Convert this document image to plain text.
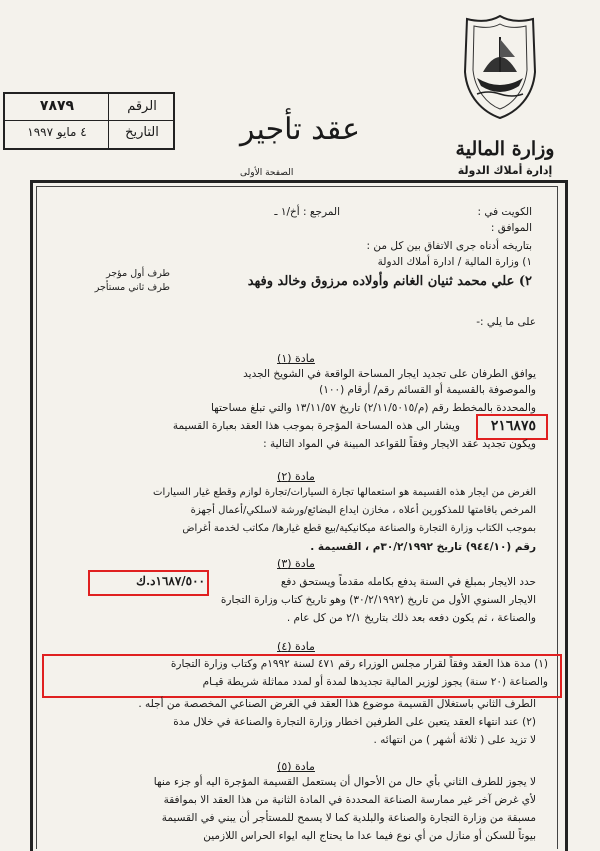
وزارة المالية
إدارة أملاك الدولة
عقد تأجير
الرقم
٧٨٧٩
التاريخ
٤ مايو ١٩٩٧
الصفحة الأولى
الكويت في :
المرجع : أخ/١ ـ
الموافق :
بتاريخه أدناه جرى الاتفاق بين كل من :
١) وزارة المالية / ادارة أملاك الدولة
طرف أول مؤجر
٢) علي محمد ثنيان الغانم وأولاده مرزوق وخالد وفهد
طرف ثاني مستأجر
على ما يلي :-
مادة (١)
يوافق الطرفان على تجديد ايجار المساحة الواقعة في الشويخ الجديد
والموصوفة بالقسيمة أو القسائم رقم/ أرقام (١٠٠)
والمحددة بالمخطط رقم (م/٢/١١/٥٠١٥) تاريخ ١٣/١١/٥٧ والتي تبلغ مساحتها
٢١٦٨٧٥
ويشار الى هذه المساحة المؤجرة بموجب هذا العقد بعبارة القسيمة
ويكون تجديد عقد الايجار وفقاً للقواعد المبينة في المواد التالية :
مادة (٢)
الغرض من ايجار هذه القسيمة هو استعمالها تجارة السيارات/تجارة لوازم وقطع غيار السيارات
المرخص باقامتها للمذكورين أعلاه ، مخازن ايداع البضائع/ورشة لاسلكي/أعمال أجهزة
بموجب الكتاب وزارة التجارة والصناعة ميكانيكية/بيع قطع غيارها/ مكاتب لخدمة أغراض
رقم (٩٤٤/١٠) تاريخ ٣٠/٢/١٩٩٢م ، القسيمة .
مادة (٣)
١٦٨٧/٥٠٠د.ك	حدد الايجار بمبلغ في السنة يدفع بكامله مقدماً ويستحق دفع
الايجار السنوي الأول من تاريخ (٣٠/٢/١٩٩٢) وهو تاريخ كتاب وزارة التجارة
والصناعة ، ثم يكون دفعه بعد ذلك بتاريخ ٢/١ من كل عام .
مادة (٤)
(١) مدة هذا العقد وفقاً لقرار مجلس الوزراء رقم ٤٧١ لسنة ١٩٩٢م وكتاب وزارة التجارة
والصناعة (٢٠ سنة) يجوز لوزير المالية تجديدها لمدة أو لمدد مماثلة شريطة قيـام
الطرف الثاني باستغلال القسيمة موضوع هذا العقد في الغرض الصناعي المخصصة من أجله .
(٢) عند انتهاء العقد يتعين على الطرفين اخطار وزارة التجارة والصناعة في خلال مدة
لا تزيد على ( ثلاثة أشهر ) من انتهائه .
مادة (٥)
لا يجوز للطرف الثاني بأي حال من الأحوال أن يستعمل القسيمة المؤجرة اليه أو جزء منها
لأي غرض آخر غير ممارسة الصناعة المحددة في المادة الثانية من هذا العقد الا بموافقة
مسبقة من وزارة التجارة والصناعة والبلدية كما لا يسمح للمستأجر أن يبني في القسيمة
بيوتاً للسكن أو منازل من أي نوع فيما عدا ما يحتاج اليه ايواء الحراس اللازمين
